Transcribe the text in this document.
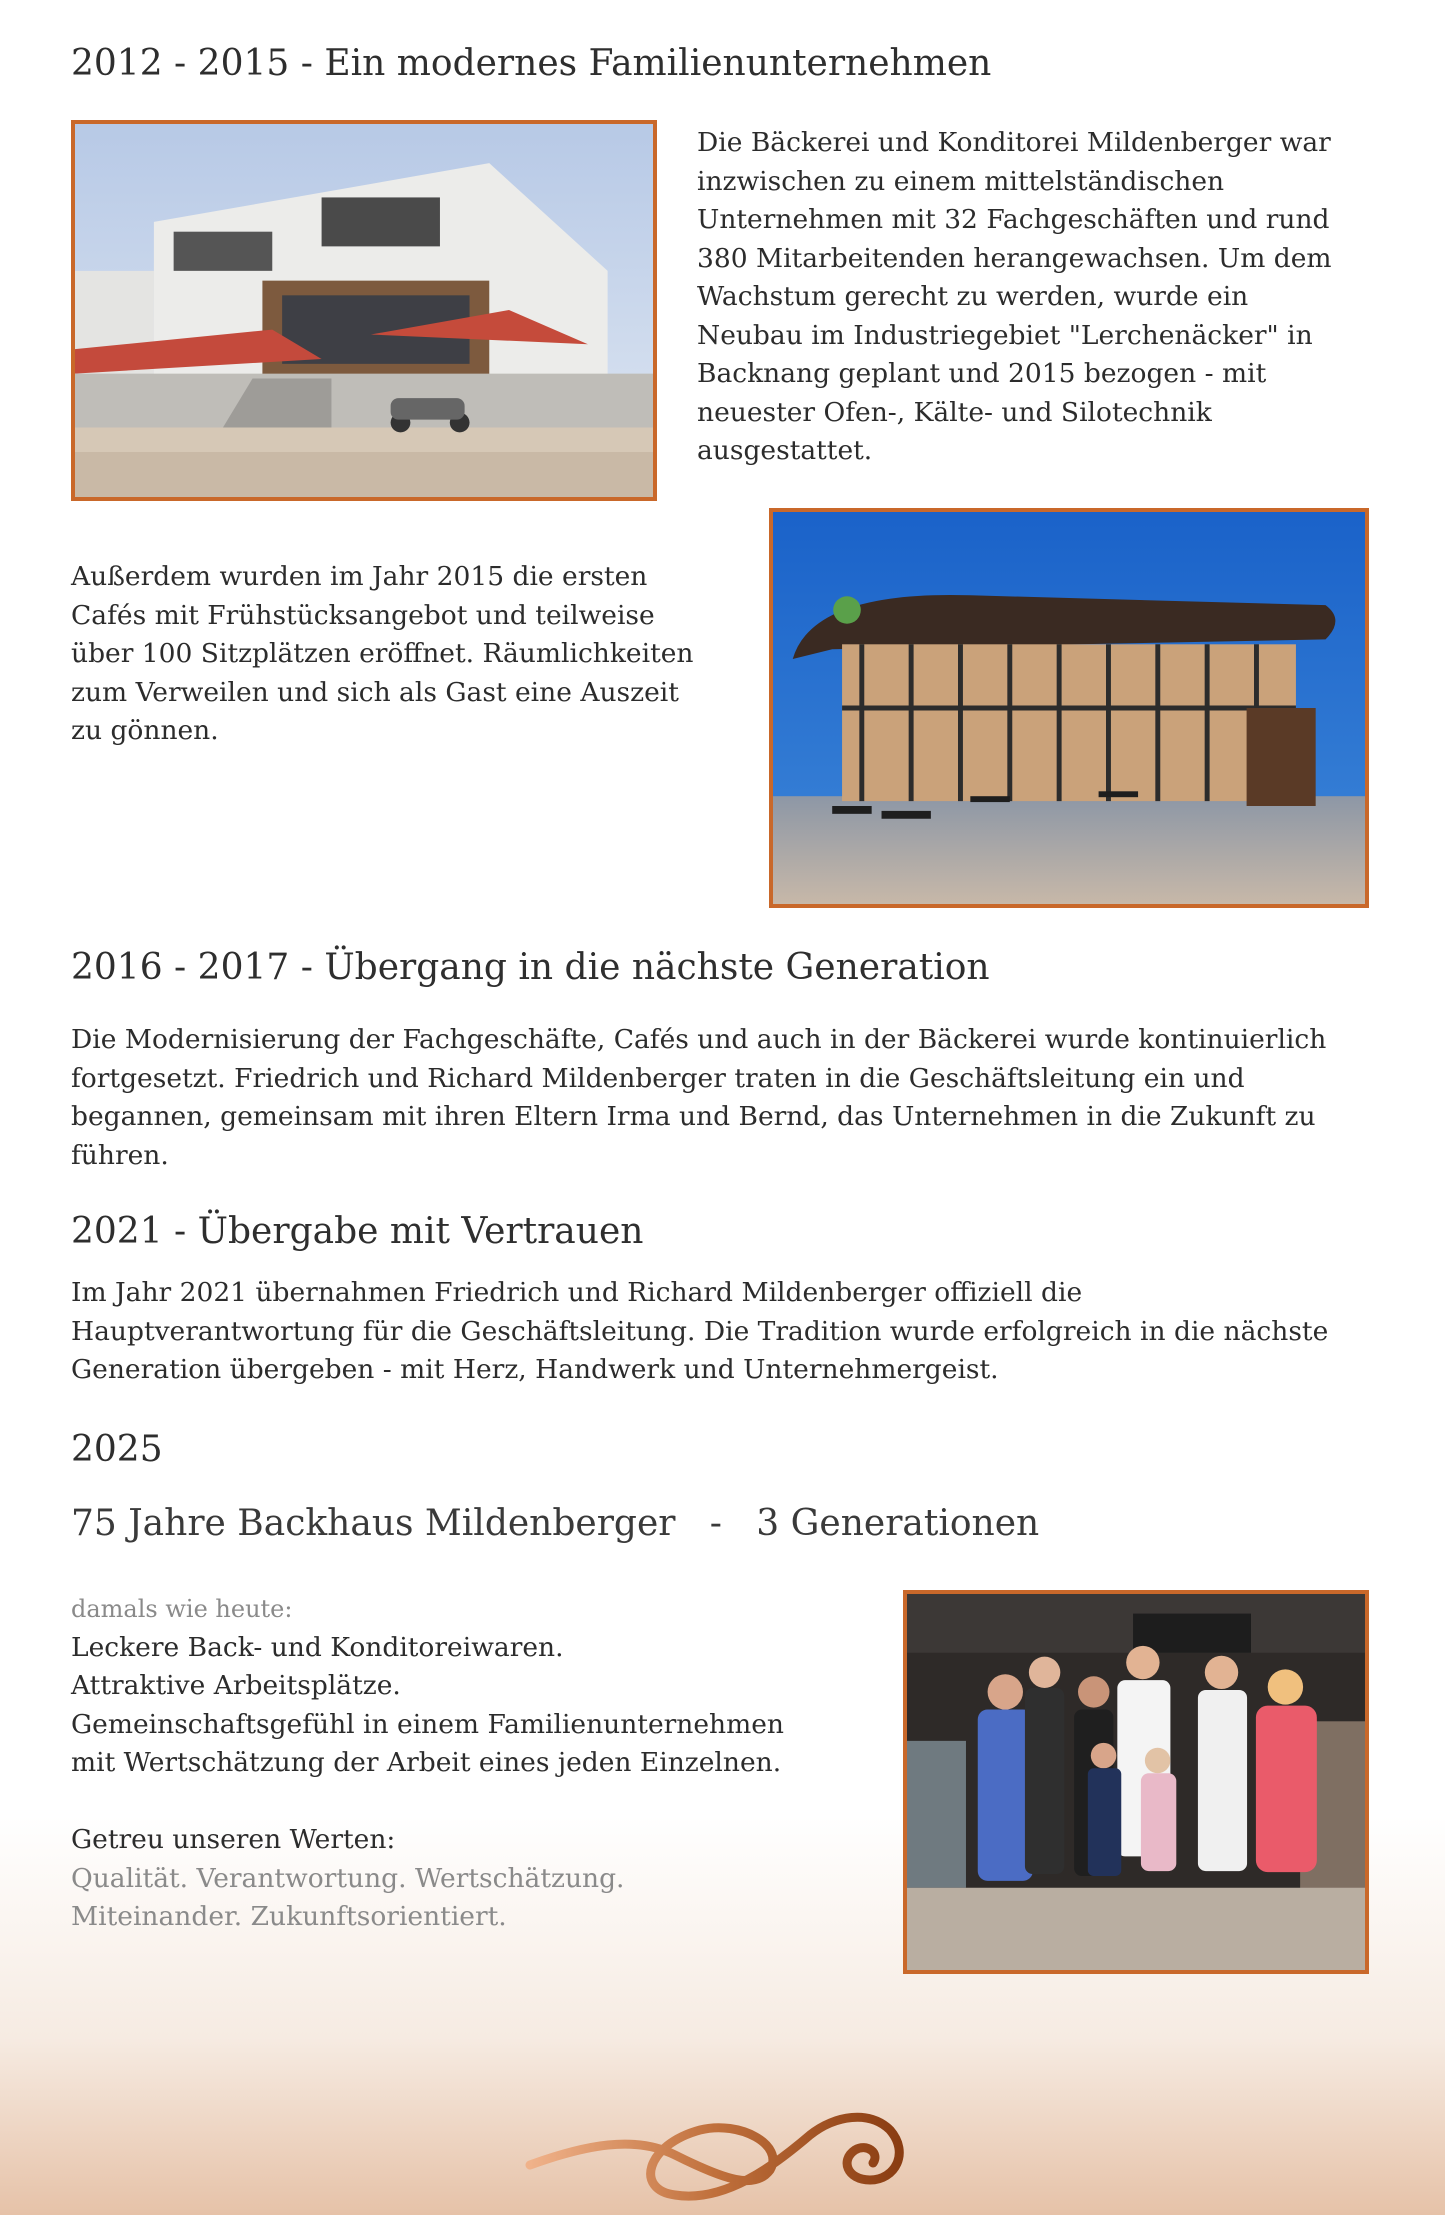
2012 - 2015 - Ein modernes Familienunternehmen

Die Bäckerei und Konditorei Mildenberger war

inzwischen zu einem mittelständischen

Unternehmen mit 32 Fachgeschäften und rund

380 Mitarbeitenden herangewachsen. Um dem

Wachstum gerecht zu werden, wurde ein

Neubau im Industriegebiet "Lerchenäcker" in

Backnang geplant und 2015 bezogen - mit

neuester Ofen-, Kälte- und Silotechnik

ausgestattet.

Außerdem wurden im Jahr 2015 die ersten

Cafés mit Frühstücksangebot und teilweise

über 100 Sitzplätzen eröffnet. Räumlichkeiten

zum Verweilen und sich als Gast eine Auszeit

zu gönnen.

2016 - 2017 - Übergang in die nächste Generation

Die Modernisierung der Fachgeschäfte, Cafés und auch in der Bäckerei wurde kontinuierlich

fortgesetzt. Friedrich und Richard Mildenberger traten in die Geschäftsleitung ein und

begannen, gemeinsam mit ihren Eltern Irma und Bernd, das Unternehmen in die Zukunft zu

führen.

2021 - Übergabe mit Vertrauen

Im Jahr 2021 übernahmen Friedrich und Richard Mildenberger offiziell die

Hauptverantwortung für die Geschäftsleitung. Die Tradition wurde erfolgreich in die nächste

Generation übergeben - mit Herz, Handwerk und Unternehmergeist.

2025
75 Jahre Backhaus Mildenberger   -   3 Generationen

damals wie heute:

Leckere Back- und Konditoreiwaren.

Attraktive Arbeitsplätze.

Gemeinschaftsgefühl in einem Familienunternehmen

mit Wertschätzung der Arbeit eines jeden Einzelnen.

Getreu unseren Werten:

Qualität. Verantwortung. Wertschätzung.

Miteinander. Zukunftsorientiert.
